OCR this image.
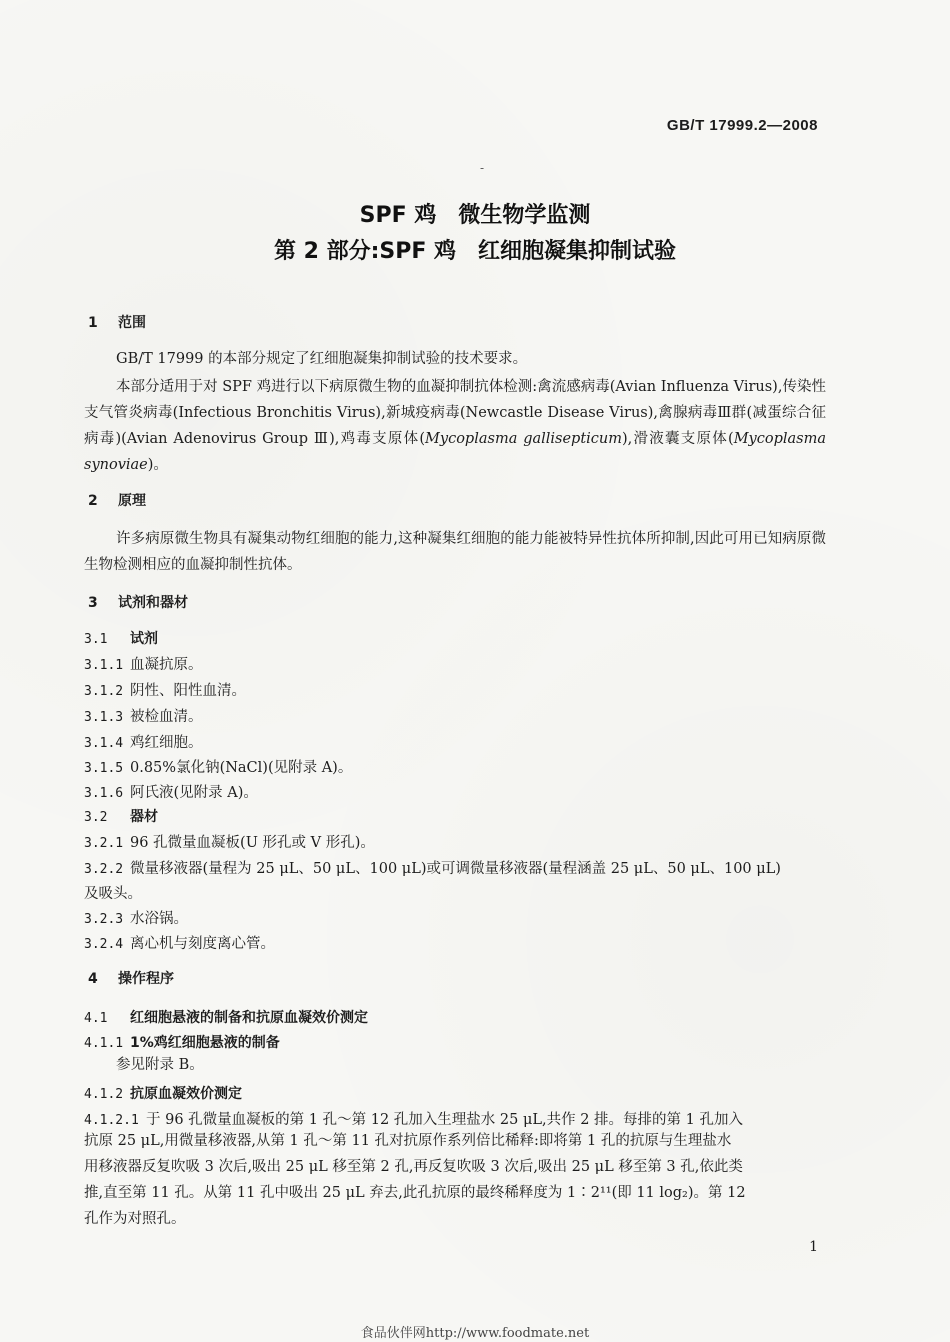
GB/T 17999.2—2008
-
SPF 鸡　微生物学监测
第 2 部分:SPF 鸡　红细胞凝集抑制试验
1 范围
GB/T 17999 的本部分规定了红细胞凝集抑制试验的技术要求。
本部分适用于对 SPF 鸡进行以下病原微生物的血凝抑制抗体检测:禽流感病毒(Avian Influenza Virus),传染性支气管炎病毒(Infectious Bronchitis Virus),新城疫病毒(Newcastle Disease Virus),禽腺病毒Ⅲ群(减蛋综合征病毒)(Avian Adenovirus Group Ⅲ),鸡毒支原体(Mycoplasma gallisepticum),滑液囊支原体(Mycoplasma synoviae)。
2 原理
许多病原微生物具有凝集动物红细胞的能力,这种凝集红细胞的能力能被特异性抗体所抑制,因此可用已知病原微生物检测相应的血凝抑制性抗体。
3 试剂和器材
3.1 试剂
3.1.1 血凝抗原。
3.1.2 阴性、阳性血清。
3.1.3 被检血清。
3.1.4 鸡红细胞。
3.1.5 0.85%氯化钠(NaCl)(见附录 A)。
3.1.6 阿氏液(见附录 A)。
3.2 器材
3.2.1 96 孔微量血凝板(U 形孔或 V 形孔)。
3.2.2 微量移液器(量程为 25 μL、50 μL、100 μL)或可调微量移液器(量程涵盖 25 μL、50 μL、100 μL)
及吸头。
3.2.3 水浴锅。
3.2.4 离心机与刻度离心管。
4 操作程序
4.1 红细胞悬液的制备和抗原血凝效价测定
4.1.1 1%鸡红细胞悬液的制备
参见附录 B。
4.1.2 抗原血凝效价测定
4.1.2.1 于 96 孔微量血凝板的第 1 孔～第 12 孔加入生理盐水 25 μL,共作 2 排。每排的第 1 孔加入
抗原 25 μL,用微量移液器,从第 1 孔～第 11 孔对抗原作系列倍比稀释:即将第 1 孔的抗原与生理盐水
用移液器反复吹吸 3 次后,吸出 25 μL 移至第 2 孔,再反复吹吸 3 次后,吸出 25 μL 移至第 3 孔,依此类
推,直至第 11 孔。从第 11 孔中吸出 25 μL 弃去,此孔抗原的最终稀释度为 1∶2¹¹(即 11 log₂)。第 12
孔作为对照孔。
1
食品伙伴网http://www.foodmate.net
